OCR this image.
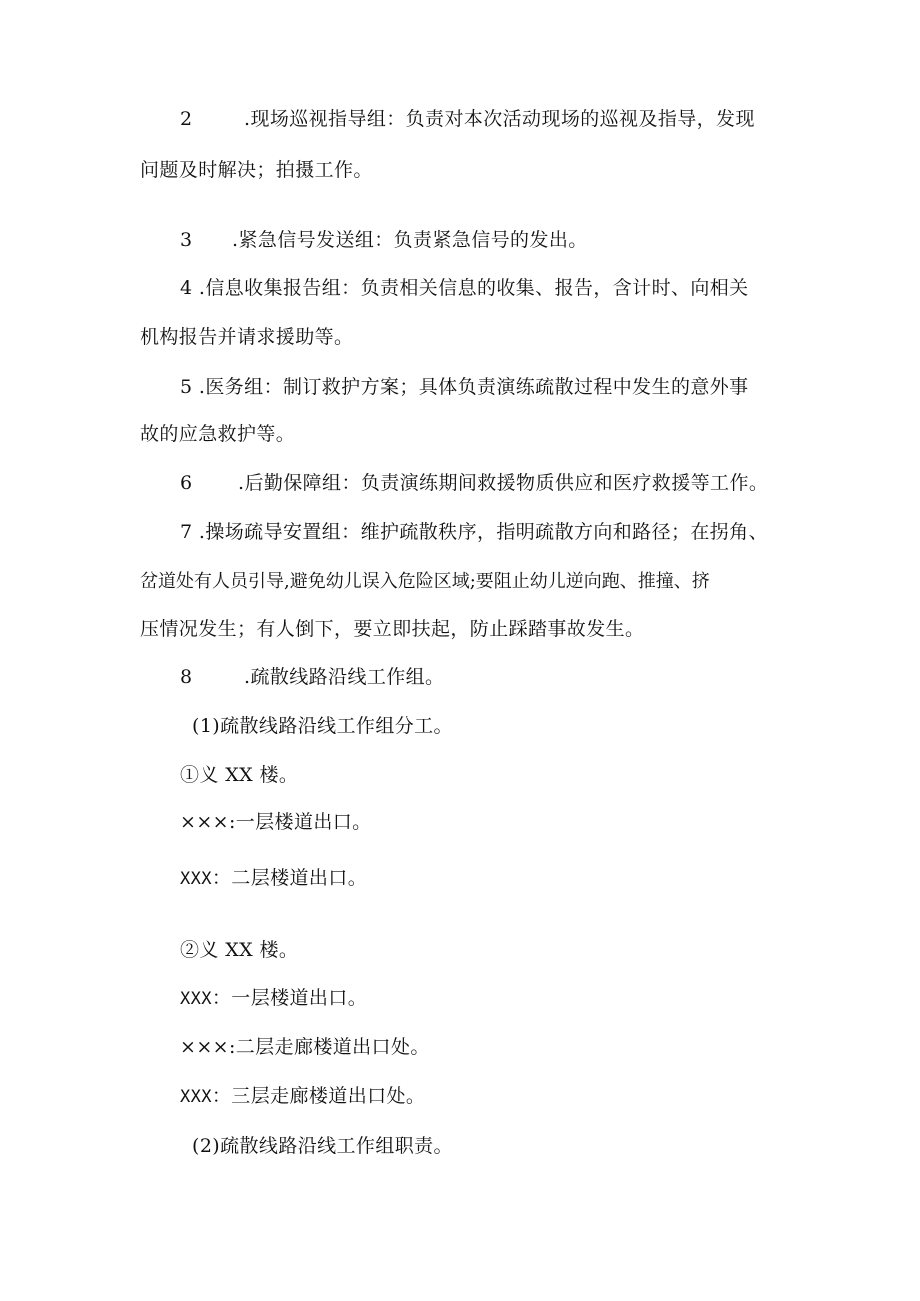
2	.现场巡视指导组：负责对本次活动现场的巡视及指导，发现
问题及时解决；拍摄工作。
3 .紧急信号发送组：负责紧急信号的发出。
4 .信息收集报告组：负责相关信息的收集、报告，含计时、向相关
机构报告并请求援助等。
5 .医务组：制订救护方案；具体负责演练疏散过程中发生的意外事
故的应急救护等。
6 .后勤保障组：负责演练期间救援物质供应和医疗救援等工作。
7 .操场疏导安置组：维护疏散秩序，指明疏散方向和路径；在拐角、
岔道处有人员引导,避免幼儿误入危险区域;要阻止幼儿逆向跑、推撞、挤
压情况发生；有人倒下，要立即扶起，防止踩踏事故发生。
8	.疏散线路沿线工作组。
(1)疏散线路沿线工作组分工。
①义 XX 楼。
×××:一层楼道出口。
XXX：二层楼道出口。
②义 XX 楼。
XXX：一层楼道出口。
×××:二层走廊楼道出口处。
XXX：三层走廊楼道出口处。
(2)疏散线路沿线工作组职责。
